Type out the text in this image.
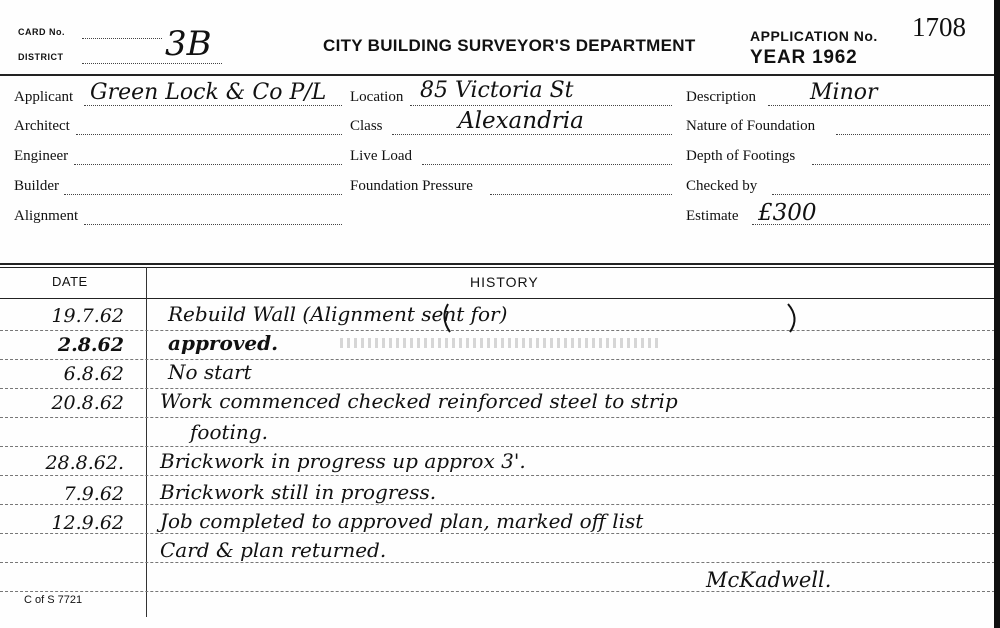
CARD No.
DISTRICT	3B	CITY BUILDING SURVEYOR'S DEPARTMENT	APPLICATION No. 1708
YEAR 1962
Applicant Green Lock & Co P/L
Architect
Engineer
Builder
Alignment
Location 85 Victoria St
Class	Alexandria
Live Load
Foundation Pressure
Description Minor
Nature of Foundation
Depth of Footings
Checked by
Estimate £300
DATE	HISTORY
19.7.62 Rebuild Wall (Alignment sent for)
2.8.62 approved.
6.8.62 No start
20.8.62 Work commenced checked reinforced steel to strip
footing.
28.8.62. Brickwork in progress up approx 3'.
7.9.62 Brickwork still in progress.
12.9.62 Job completed to approved plan, marked off list
Card & plan returned.
McKadwell.
C of S 7721
